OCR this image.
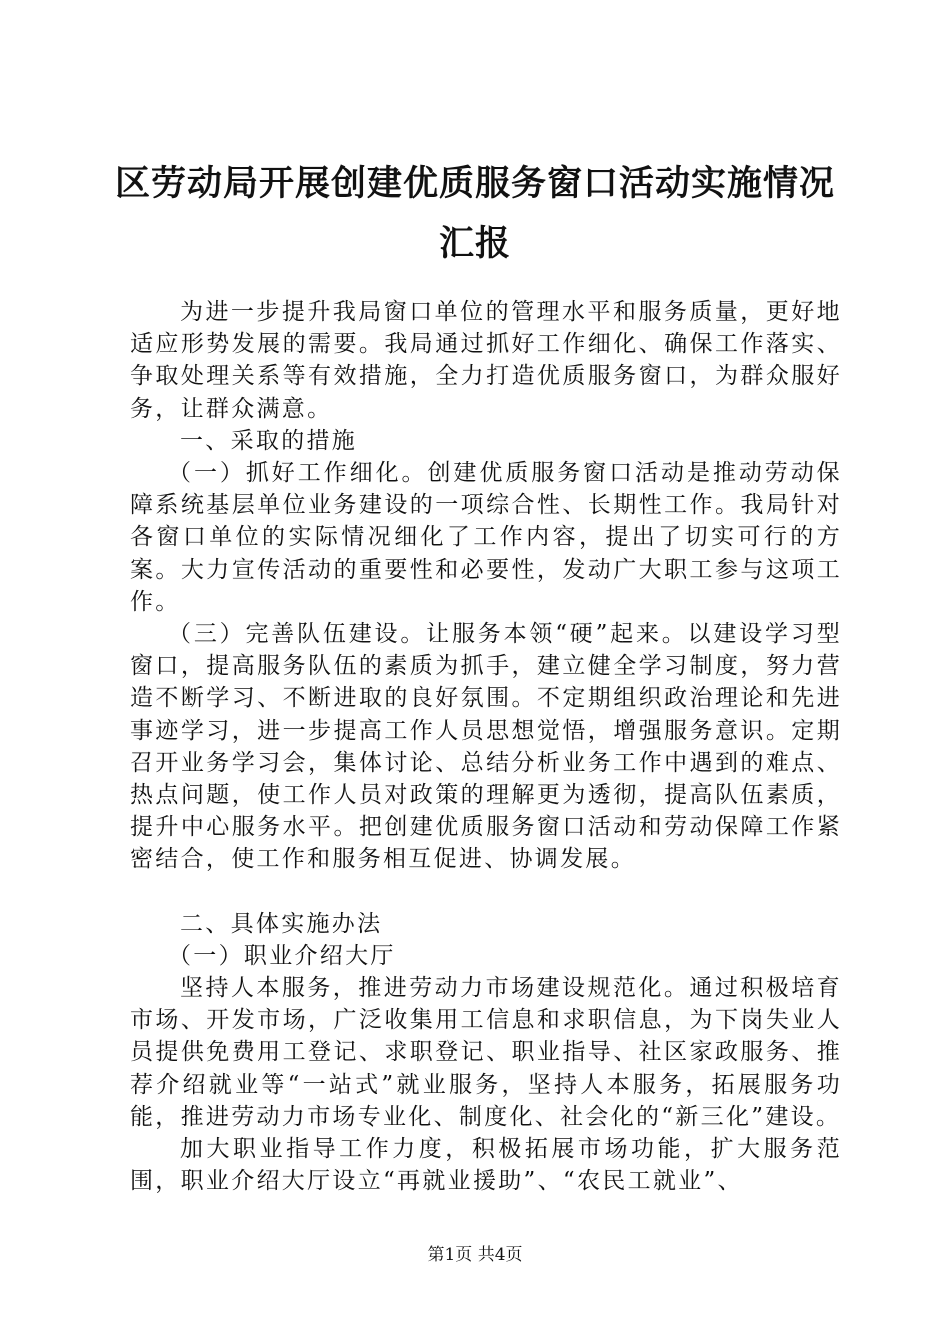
区劳动局开展创建优质服务窗口活动实施情况
汇报

为进一步提升我局窗口单位的管理水平和服务质量，更好地适应形势发展的需要。我局通过抓好工作细化、确保工作落实、争取处理关系等有效措施，全力打造优质服务窗口，为群众服好务，让群众满意。

一、采取的措施

（一）抓好工作细化。创建优质服务窗口活动是推动劳动保障系统基层单位业务建设的一项综合性、长期性工作。我局针对各窗口单位的实际情况细化了工作内容，提出了切实可行的方案。大力宣传活动的重要性和必要性，发动广大职工参与这项工作。

（三）完善队伍建设。让服务本领“硬”起来。以建设学习型窗口，提高服务队伍的素质为抓手，建立健全学习制度，努力营造不断学习、不断进取的良好氛围。不定期组织政治理论和先进事迹学习，进一步提高工作人员思想觉悟，增强服务意识。定期召开业务学习会，集体讨论、总结分析业务工作中遇到的难点、热点问题，使工作人员对政策的理解更为透彻，提高队伍素质，提升中心服务水平。把创建优质服务窗口活动和劳动保障工作紧密结合，使工作和服务相互促进、协调发展。

二、具体实施办法

（一）职业介绍大厅

坚持人本服务，推进劳动力市场建设规范化。通过积极培育市场、开发市场，广泛收集用工信息和求职信息，为下岗失业人员提供免费用工登记、求职登记、职业指导、社区家政服务、推荐介绍就业等“一站式”就业服务，坚持人本服务，拓展服务功能，推进劳动力市场专业化、制度化、社会化的“新三化”建设。

加大职业指导工作力度，积极拓展市场功能，扩大服务范围，职业介绍大厅设立“再就业援助”、“农民工就业”、

第1页 共4页
